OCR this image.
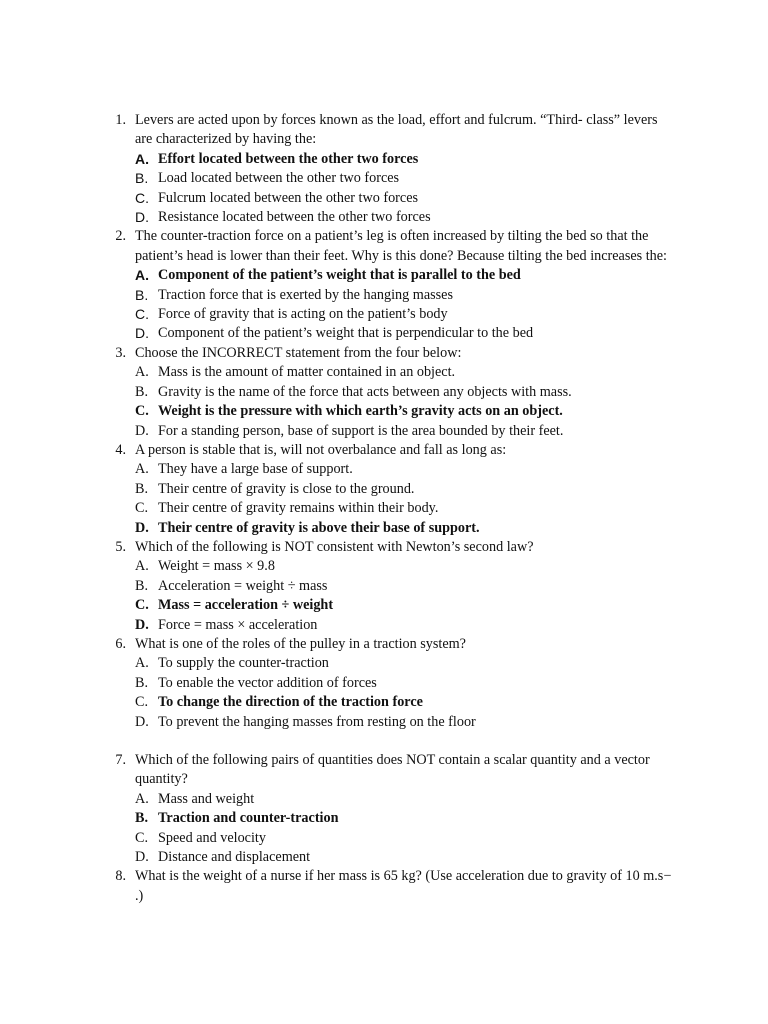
1. Levers are acted upon by forces known as the load, effort and fulcrum. “Third- class” levers are characterized by having the:
A. Effort located between the other two forces
B. Load located between the other two forces
C. Fulcrum located between the other two forces
D. Resistance located between the other two forces
2. The counter-traction force on a patient’s leg is often increased by tilting the bed so that the patient’s head is lower than their feet. Why is this done? Because tilting the bed increases the:
A. Component of the patient’s weight that is parallel to the bed
B. Traction force that is exerted by the hanging masses
C. Force of gravity that is acting on the patient’s body
D. Component of the patient’s weight that is perpendicular to the bed
3. Choose the INCORRECT statement from the four below:
A. Mass is the amount of matter contained in an object.
B. Gravity is the name of the force that acts between any objects with mass.
C. Weight is the pressure with which earth’s gravity acts on an object.
D. For a standing person, base of support is the area bounded by their feet.
4. A person is stable that is, will not overbalance and fall as long as:
A. They have a large base of support.
B. Their centre of gravity is close to the ground.
C. Their centre of gravity remains within their body.
D. Their centre of gravity is above their base of support.
5. Which of the following is NOT consistent with Newton’s second law?
A. Weight = mass × 9.8
B. Acceleration = weight ÷ mass
C. Mass = acceleration ÷ weight
D. Force = mass × acceleration
6. What is one of the roles of the pulley in a traction system?
A. To supply the counter-traction
B. To enable the vector addition of forces
C. To change the direction of the traction force
D. To prevent the hanging masses from resting on the floor
7. Which of the following pairs of quantities does NOT contain a scalar quantity and a vector quantity?
A. Mass and weight
B. Traction and counter-traction
C. Speed and velocity
D. Distance and displacement
8. What is the weight of a nurse if her mass is 65 kg? (Use acceleration due to gravity of 10 m.s− .)
